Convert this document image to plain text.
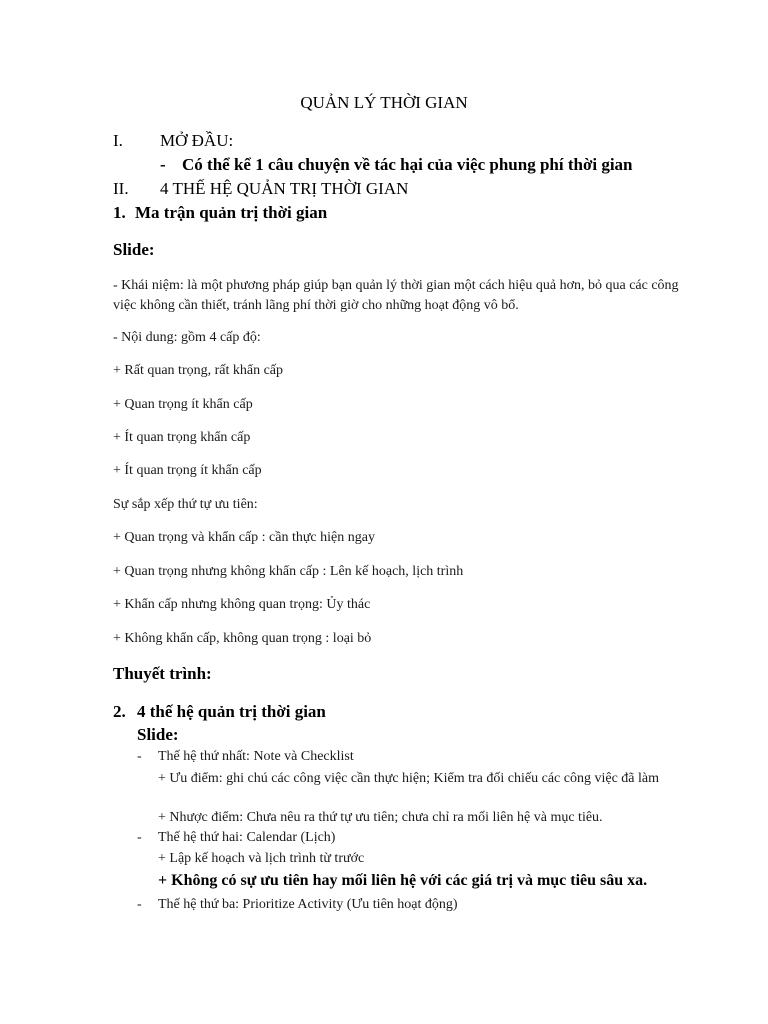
QUẢN LÝ THỜI GIAN
I. MỞ ĐẦU:
- Có thể kể 1 câu chuyện về tác hại của việc phung phí thời gian
II. 4 THẾ HỆ QUẢN TRỊ THỜI GIAN
1. Ma trận quản trị thời gian
Slide:
- Khái niệm: là một phương pháp giúp bạn quản lý thời gian một cách hiệu quả hơn, bỏ qua các công việc không cần thiết, tránh lãng phí thời giờ cho những hoạt động vô bổ.
- Nội dung: gồm 4 cấp độ:
+ Rất quan trọng, rất khẩn cấp
+ Quan trọng ít khẩn cấp
+ Ít quan trọng khẩn cấp
+ Ít quan trọng ít khẩn cấp
Sự sắp xếp thứ tự ưu tiên:
+ Quan trọng và khẩn cấp : cần thực hiện ngay
+ Quan trọng nhưng không khẩn cấp : Lên kế hoạch, lịch trình
+ Khẩn cấp nhưng không quan trọng: Ủy thác
+ Không khẩn cấp, không quan trọng : loại bỏ
Thuyết trình:
2. 4 thế hệ quản trị thời gian
Slide:
- Thế hệ thứ nhất: Note và Checklist
+ Ưu điểm: ghi chú các công việc cần thực hiện; Kiểm tra đối chiếu các công việc đã làm
+ Nhược điểm: Chưa nêu ra thứ tự ưu tiên; chưa chỉ ra mối liên hệ và mục tiêu.
- Thế hệ thứ hai: Calendar (Lịch)
+ Lập kế hoạch và lịch trình từ trước
+ Không có sự ưu tiên hay mối liên hệ với các giá trị và mục tiêu sâu xa.
- Thế hệ thứ ba: Prioritize Activity (Ưu tiên hoạt động)
